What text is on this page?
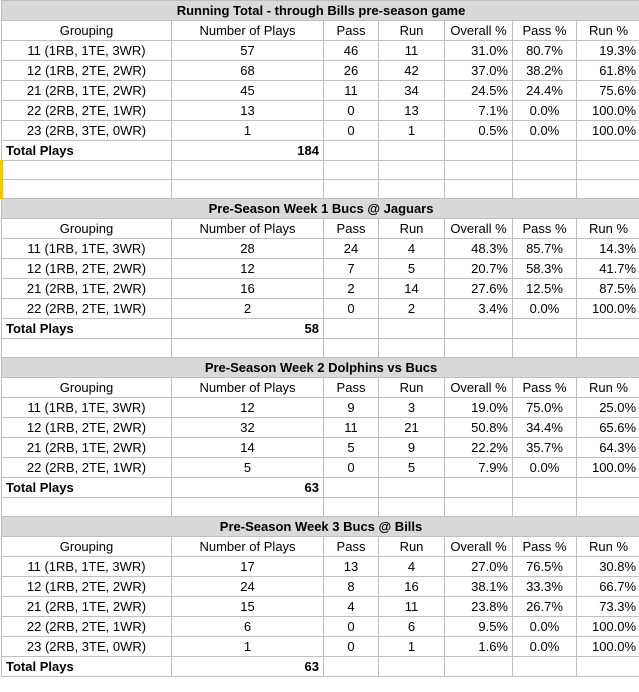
Running Total - through Bills pre-season game						
Grouping	Number of Plays	Pass	Run	Overall %	Pass %	Run %
11 (1RB, 1TE, 3WR)	57	46	11	31.0%	80.7%	19.3%
12 (1RB, 2TE, 2WR)	68	26	42	37.0%	38.2%	61.8%
21 (2RB, 1TE, 2WR)	45	11	34	24.5%	24.4%	75.6%
22 (2RB, 2TE, 1WR)	13	0	13	7.1%	0.0%	100.0%
23 (2RB, 3TE, 0WR)	1	0	1	0.5%	0.0%	100.0%
Total Plays	184					

Pre-Season Week 1 Bucs @ Jaguars						
Grouping	Number of Plays	Pass	Run	Overall %	Pass %	Run %
11 (1RB, 1TE, 3WR)	28	24	4	48.3%	85.7%	14.3%
12 (1RB, 2TE, 2WR)	12	7	5	20.7%	58.3%	41.7%
21 (2RB, 1TE, 2WR)	16	2	14	27.6%	12.5%	87.5%
22 (2RB, 2TE, 1WR)	2	0	2	3.4%	0.0%	100.0%
Total Plays	58					

Pre-Season Week 2 Dolphins vs Bucs						
Grouping	Number of Plays	Pass	Run	Overall %	Pass %	Run %
11 (1RB, 1TE, 3WR)	12	9	3	19.0%	75.0%	25.0%
12 (1RB, 2TE, 2WR)	32	11	21	50.8%	34.4%	65.6%
21 (2RB, 1TE, 2WR)	14	5	9	22.2%	35.7%	64.3%
22 (2RB, 2TE, 1WR)	5	0	5	7.9%	0.0%	100.0%
Total Plays	63					

Pre-Season Week 3 Bucs @ Bills						
Grouping	Number of Plays	Pass	Run	Overall %	Pass %	Run %
11 (1RB, 1TE, 3WR)	17	13	4	27.0%	76.5%	30.8%
12 (1RB, 2TE, 2WR)	24	8	16	38.1%	33.3%	66.7%
21 (2RB, 1TE, 2WR)	15	4	11	23.8%	26.7%	73.3%
22 (2RB, 2TE, 1WR)	6	0	6	9.5%	0.0%	100.0%
23 (2RB, 3TE, 0WR)	1	0	1	1.6%	0.0%	100.0%
Total Plays	63					
